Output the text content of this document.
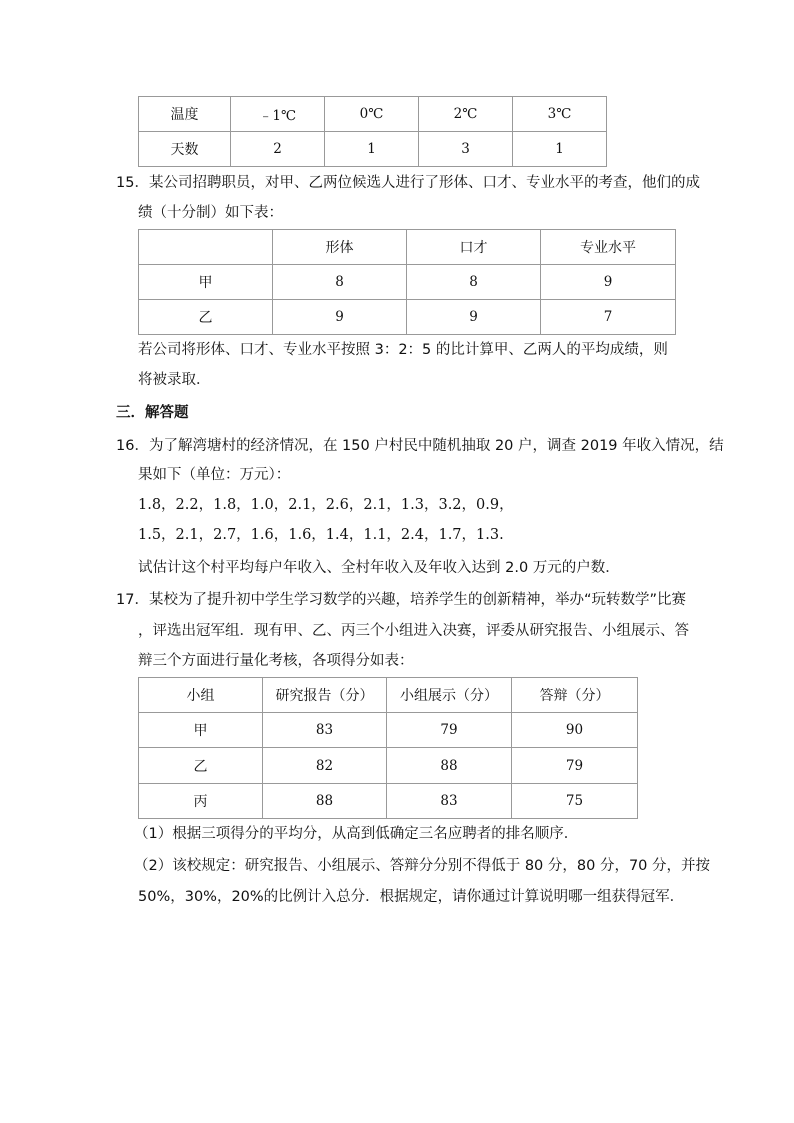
温度	﹣1℃	0℃	2℃	3℃
天数	2	1	3	1
15．某公司招聘职员，对甲、乙两位候选人进行了形体、口才、专业水平的考查，他们的成
绩（十分制）如下表：
	形体	口才	专业水平
甲	8	8	9
乙	9	9	7
若公司将形体、口才、专业水平按照 3：2：5 的比计算甲、乙两人的平均成绩，则
将被录取．
三．解答题
16．为了解湾塘村的经济情况，在 150 户村民中随机抽取 20 户，调查 2019 年收入情况，结
果如下（单位：万元）：
1.8，2.2，1.8，1.0，2.1，2.6，2.1，1.3，3.2，0.9，
1.5，2.1，2.7，1.6，1.6，1.4，1.1，2.4，1.7，1.3.
试估计这个村平均每户年收入、全村年收入及年收入达到 2.0 万元的户数．
17．某校为了提升初中学生学习数学的兴趣，培养学生的创新精神，举办“玩转数学”比赛
，评选出冠军组．现有甲、乙、丙三个小组进入决赛，评委从研究报告、小组展示、答
辩三个方面进行量化考核，各项得分如表：
小组	研究报告（分）	小组展示（分）	答辩（分）
甲	83	79	90
乙	82	88	79
丙	88	83	75
（1）根据三项得分的平均分，从高到低确定三名应聘者的排名顺序．
（2）该校规定：研究报告、小组展示、答辩分分别不得低于 80 分，80 分，70 分，并按
50%，30%，20%的比例计入总分．根据规定，请你通过计算说明哪一组获得冠军．
